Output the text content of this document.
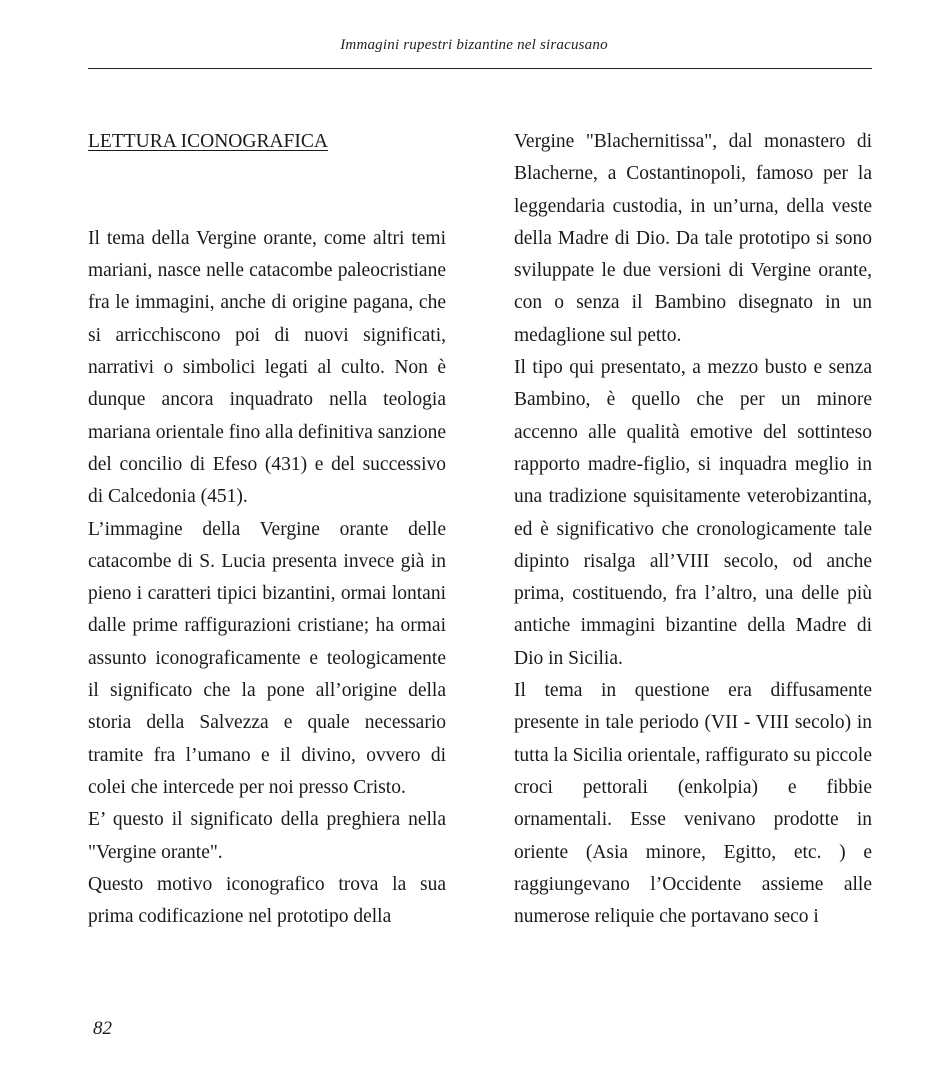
Immagini rupestri bizantine nel siracusano
LETTURA ICONOGRAFICA

Il tema della Vergine orante, come altri temi mariani, nasce nelle catacombe paleocristiane fra le immagini, anche di origine pagana, che si arricchiscono poi di nuovi significati, narrativi o simbolici legati al culto. Non è dunque ancora inquadrato nella teologia mariana orientale fino alla definitiva sanzione del concilio di Efeso (431) e del successivo di Calcedonia (451).

L’immagine della Vergine orante delle catacombe di S. Lucia presenta invece già in pieno i caratteri tipici bizantini, ormai lontani dalle prime raffigurazioni cristiane; ha ormai assunto iconograficamente e teologicamente il significato che la pone all’origine della storia della Salvezza e quale necessario tramite fra l’umano e il divino, ovvero di colei che intercede per noi presso Cristo.

E’ questo il significato della preghiera nella "Vergine orante".

Questo motivo iconografico trova la sua prima codificazione nel prototipo della

Vergine "Blachernitissa", dal monastero di Blacherne, a Costantinopoli, famoso per la leggendaria custodia, in un’urna, della veste della Madre di Dio. Da tale prototipo si sono sviluppate le due versioni di Vergine orante, con o senza il Bambino disegnato in un medaglione sul petto.

Il tipo qui presentato, a mezzo busto e senza Bambino, è quello che per un minore accenno alle qualità emotive del sottinteso rapporto madre-figlio, si inquadra meglio in una tradizione squisitamente veterobizantina, ed è significativo che cronologicamente tale dipinto risalga all’VIII secolo, od anche prima, costituendo, fra l’altro, una delle più antiche immagini bizantine della Madre di Dio in Sicilia.

Il tema in questione era diffusamente presente in tale periodo (VII - VIII secolo) in tutta la Sicilia orientale, raffigurato su piccole croci pettorali (enkolpia) e fibbie ornamentali. Esse venivano prodotte in oriente (Asia minore, Egitto, etc. ) e raggiungevano l’Occidente assieme alle numerose reliquie che portavano seco i

82
